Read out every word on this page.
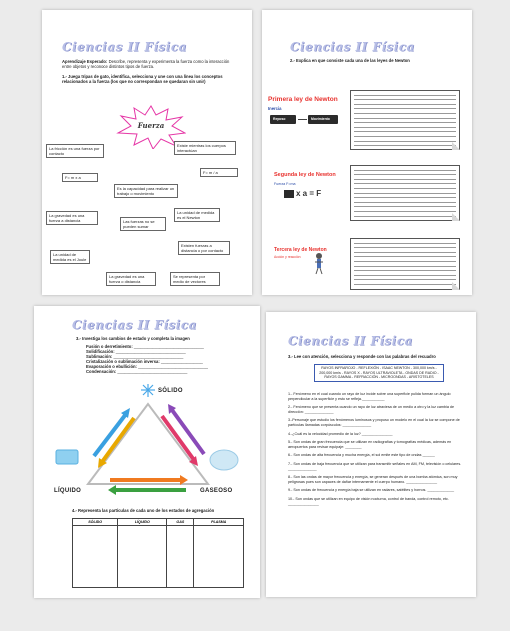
Ciencias II Física
Aprendizaje Esperado: Describe, representa y experimenta la fuerza como la interacción entre objetos y reconoce distintos tipos de fuerza.
1.- Juega tripas de gato, identifica, selecciona y une con una línea los conceptos relacionados a la fuerza (los que no correspondan se quedaran sin unir)
Fuerza
La fricción es una fuerza por contacto
Existe mientras los cuerpos interactúan
F= m x a
F= m / a
Es la capacidad para realizar un trabajo o movimiento
La gravedad es una fuerza a distancia
La unidad de medida es el Newton
Las fuerzas no se pueden sumar
Existen fuerzas a distancia o por contacto
La unidad de medida es el Joule
La gravedad es una fuerza o distancia
Se representa por medio de vectores
Ciencias II Física
2.- Explica en que consiste cada una de las leyes de Newton
Primera ley de Newton
Inercia
Reposo	Movimiento
Segunda ley de Newton
Fuerza F=ma
x a = F
Tercera ley de Newton
Acción y reacción
Ciencias II Física
3.- Investiga los cambios de estado y completa la imagen
Fusión o derretimiento: ______________________________
Solidificación: ______________________________
Sublimación: ______________________________
Cristalización o sublimación inversa: __________________
Evaporación o ebullición: ______________________________
Condensación: ______________________________
SÓLIDO
LÍQUIDO	GASEOSO
4.- Representa las partículas de cada uno de los estados de agregación
SÓLIDO	LÍQUIDO	GAS	PLASMA

Ciencias II Física
3.- Lee con atención, selecciona y responde con las palabras del recuadro
RAYOS INFRAROJO - REFLEXIÓN - ISAAC NEWTON - 300,000 km/s - 200,000 km/s - RAYOS X - RAYOS ULTRAVIOLETA - ONDAS DE RADIO - RAYOS GAMMA - REFRACCIÓN - MICROONDAS - ARISTOTELES
1.- Fenómeno en el cual cuando un rayo de luz incide sobre una superficie pulida forman un ángulo perpendicular a la superficie y esto se refleja.___________
2.- Fenómeno que se presenta cuando un rayo de luz atraviesa de un medio a otro y la luz cambia de dirección: ______________
3.-Personaje que estudio los fenómenos luminosos y propuso un modelo en el cual la luz se compone de partículas llamadas corpúsculos: ______________
4.-¿Cuál es la velocidad promedio de la luz? _______________
5.- Son ondas de gran frecuencia que se utilizan en radiografías y tomografías médicas, además en aeropuertos para revisar equipaje: ________
6.- Son ondas de alta frecuencia y mucha energía, el sol emite este tipo de ondas ______
7.- Son ondas de baja frecuencia que se utilizan para transmitir señales en AM, FM, televisión o celulares. ______________
8.- Son las ondas de mayor frecuencia y energía, se generan después de una bomba atómica, son muy peligrosas pues son capaces de dañar internamente el cuerpo humano. _______________
9.- Son ondas de frecuencia y energía baja se utilizan en radares, satélites y hornos. _____________
10.- Son ondas que se utilizan en equipo de visión nocturna, control de banda, control remoto, etc. _______________
